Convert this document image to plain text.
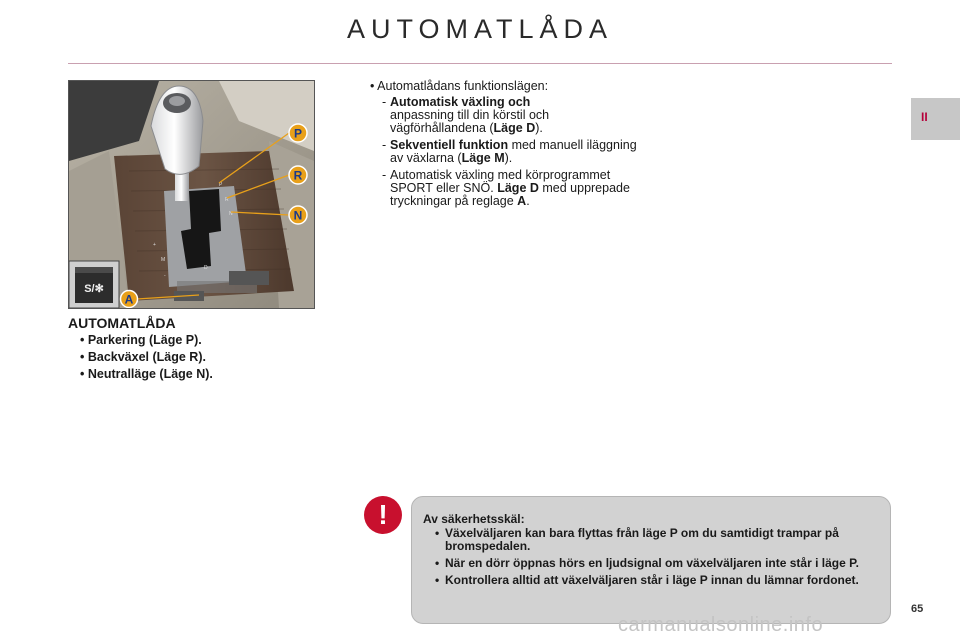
AUTOMATLÅDA
II
P
R
N
D
M
+
-
S/✻
P
R
N
A
AUTOMATLÅDA
• Parkering (Läge P).
• Backväxel (Läge R).
• Neutralläge (Läge N).
• Automatlådans funktionslägen:
- Automatisk växling och
anpassning till din körstil och vägförhållandena (Läge D).
- Sekventiell funktion med manuell iläggning av växlarna (Läge M).
- Automatisk växling med körprogrammet SPORT eller SNÖ. Läge D med upprepade tryckningar på reglage A.
!	Av säkerhetsskäl:
• Växelväljaren kan bara flyttas från läge P om du samtidigt trampar på bromspedalen.
• När en dörr öppnas hörs en ljudsignal om växelväljaren inte står i läge P.
• Kontrollera alltid att växelväljaren står i läge P innan du lämnar fordonet.
65
carmanualsonline.info
